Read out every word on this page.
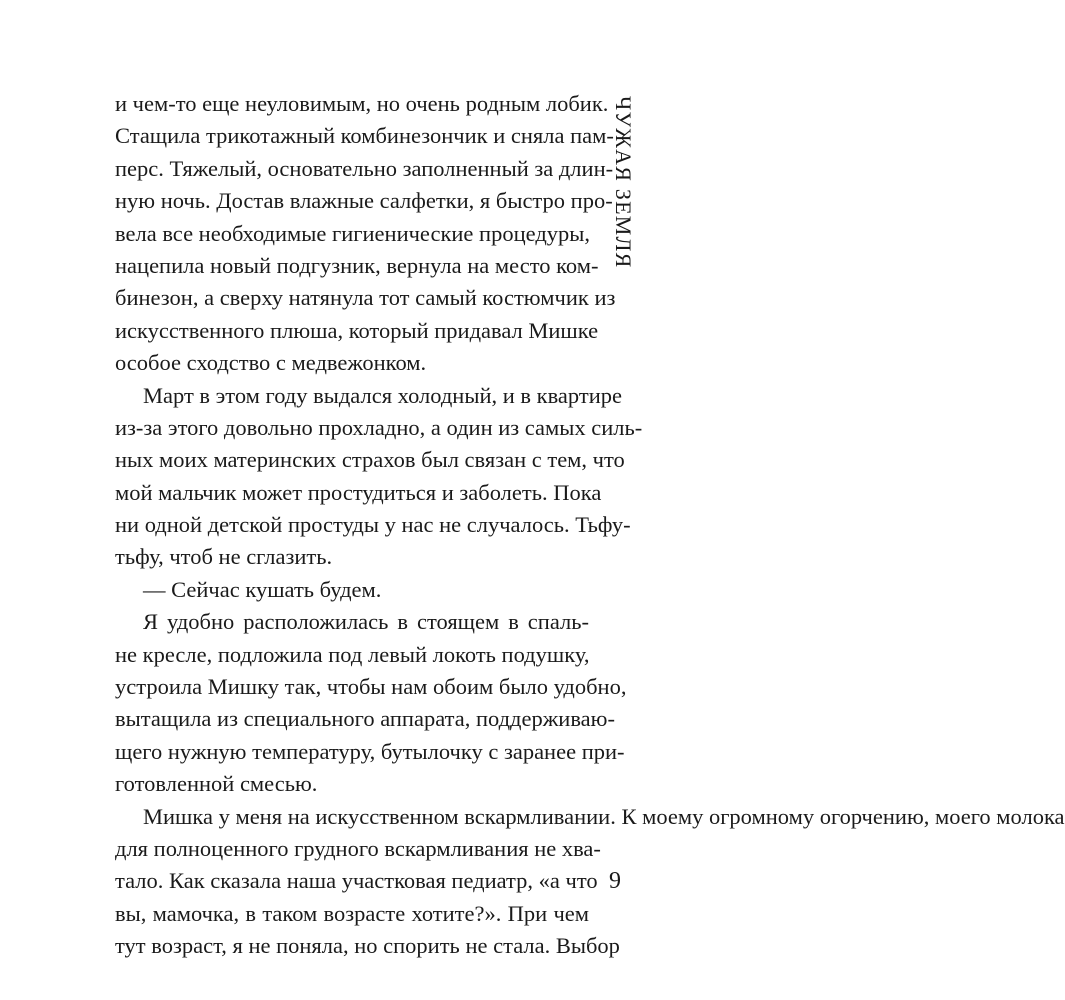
ЧУЖАЯ ЗЕМЛЯ
и чем-то еще неуловимым, но очень родным лобик.
Стащила трикотажный комбинезончик и сняла пам-
перс. Тяжелый, основательно заполненный за длин-
ную ночь. Достав влажные салфетки, я быстро про-
вела все необходимые гигиенические процедуры,
нацепила новый подгузник, вернула на место ком-
бинезон, а сверху натянула тот самый костюмчик из
искусственного плюша, который придавал Мишке
особое сходство с медвежонком.
Март в этом году выдался холодный, и в квартире
из-за этого довольно прохладно, а один из самых силь-
ных моих материнских страхов был связан с тем, что
мой мальчик может простудиться и заболеть. Пока
ни одной детской простуды у нас не случалось. Тьфу-
тьфу, чтоб не сглазить.
— Сейчас кушать будем.
Я удобно расположилась в стоящем в спаль-
не кресле, подложила под левый локоть подушку,
устроила Мишку так, чтобы нам обоим было удобно,
вытащила из специального аппарата, поддерживаю-
щего нужную температуру, бутылочку с заранее при-
готовленной смесью.
Мишка у меня на искусственном вскармливании. К моему огромному огорчению, моего молока
для полноценного грудного вскармливания не хва-
тало. Как сказала наша участковая педиатр, «а что
вы, мамочка, в таком возрасте хотите?». При чем
тут возраст, я не поняла, но спорить не стала. Выбор
9
